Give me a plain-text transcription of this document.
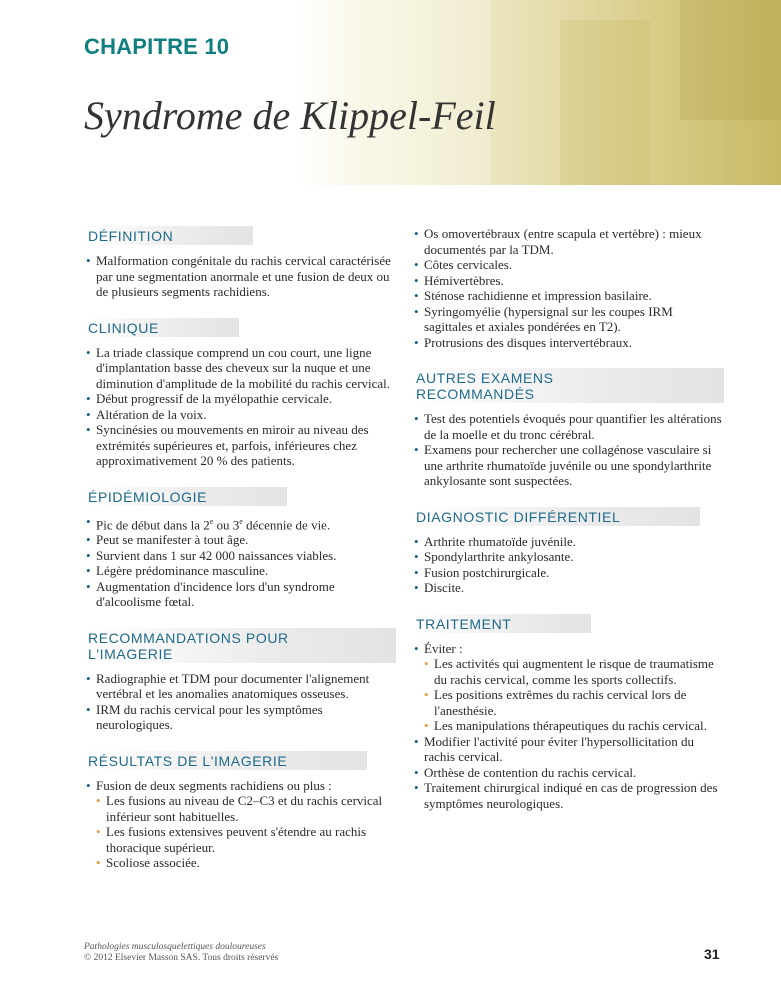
CHAPITRE 10
Syndrome de Klippel-Feil
DÉFINITION
• Malformation congénitale du rachis cervical caractérisée par une segmentation anormale et une fusion de deux ou de plusieurs segments rachidiens.
CLINIQUE
• La triade classique comprend un cou court, une ligne d'implantation basse des cheveux sur la nuque et une diminution d'amplitude de la mobilité du rachis cervical.
• Début progressif de la myélopathie cervicale.
• Altération de la voix.
• Syncinésies ou mouvements en miroir au niveau des extrémités supérieures et, parfois, inférieures chez approximativement 20 % des patients.
ÉPIDÉMIOLOGIE
• Pic de début dans la 2e ou 3e décennie de vie.
• Peut se manifester à tout âge.
• Survient dans 1 sur 42 000 naissances viables.
• Légère prédominance masculine.
• Augmentation d'incidence lors d'un syndrome d'alcoolisme fœtal.
RECOMMANDATIONS POUR L'IMAGERIE
• Radiographie et TDM pour documenter l'alignement vertébral et les anomalies anatomiques osseuses.
• IRM du rachis cervical pour les symptômes neurologiques.
RÉSULTATS DE L'IMAGERIE
• Fusion de deux segments rachidiens ou plus :
• Les fusions au niveau de C2–C3 et du rachis cervical inférieur sont habituelles.
• Les fusions extensives peuvent s'étendre au rachis thoracique supérieur.
• Scoliose associée.
• Os omovertébraux (entre scapula et vertèbre) : mieux documentés par la TDM.
• Côtes cervicales.
• Hémivertèbres.
• Sténose rachidienne et impression basilaire.
• Syringomyélie (hypersignal sur les coupes IRM sagittales et axiales pondérées en T2).
• Protrusions des disques intervertébraux.
AUTRES EXAMENS RECOMMANDÉS
• Test des potentiels évoqués pour quantifier les altérations de la moelle et du tronc cérébral.
• Examens pour rechercher une collagénose vasculaire si une arthrite rhumatoïde juvénile ou une spondylarthrite ankylosante sont suspectées.
DIAGNOSTIC DIFFÉRENTIEL
• Arthrite rhumatoïde juvénile.
• Spondylarthrite ankylosante.
• Fusion postchirurgicale.
• Discite.
TRAITEMENT
• Éviter :
• Les activités qui augmentent le risque de traumatisme du rachis cervical, comme les sports collectifs.
• Les positions extrêmes du rachis cervical lors de l'anesthésie.
• Les manipulations thérapeutiques du rachis cervical.
• Modifier l'activité pour éviter l'hypersollicitation du rachis cervical.
• Orthèse de contention du rachis cervical.
• Traitement chirurgical indiqué en cas de progression des symptômes neurologiques.
Pathologies musculosquelettiques douloureuses
© 2012 Elsevier Masson SAS. Tous droits réservés	31
